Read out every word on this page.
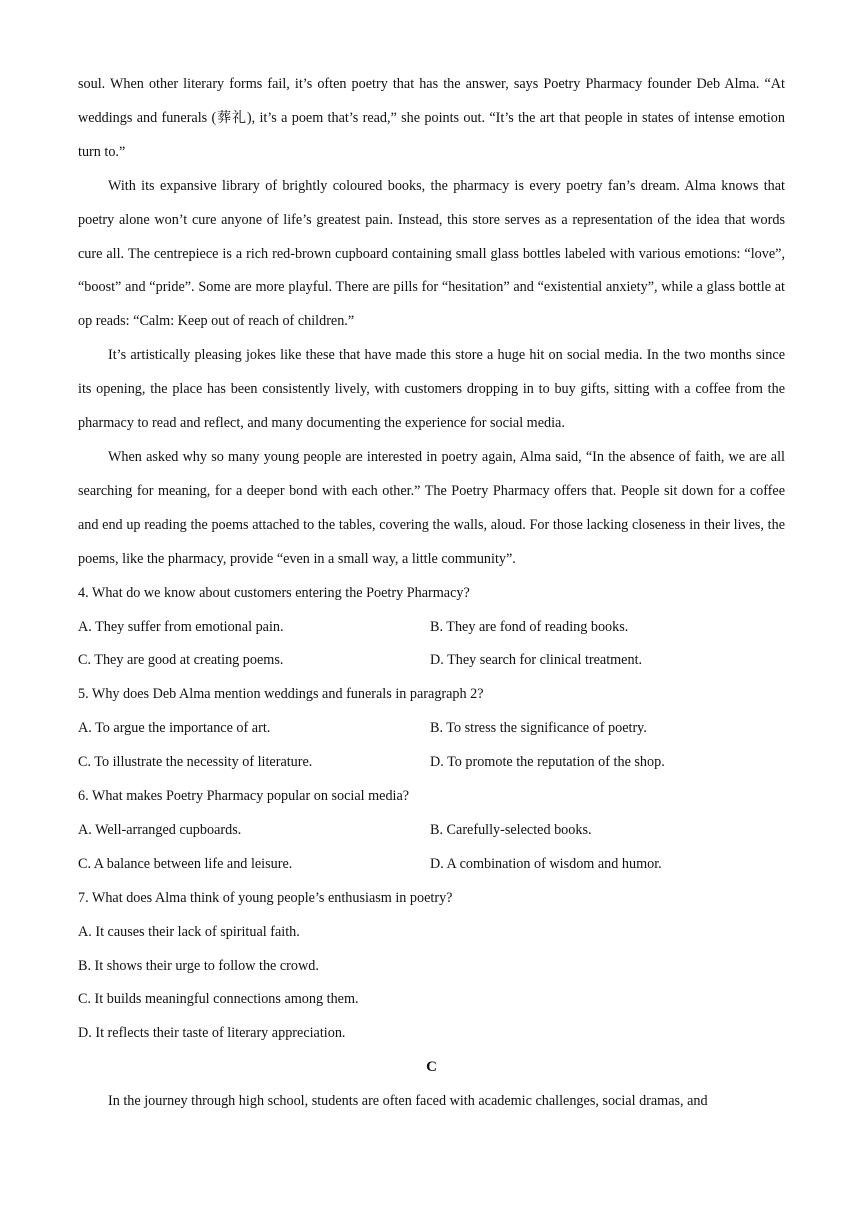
soul. When other literary forms fail, it’s often poetry that has the answer, says Poetry Pharmacy founder Deb Alma. “At weddings and funerals (葬礼), it’s a poem that’s read,” she points out. “It’s the art that people in states of intense emotion turn to.”

With its expansive library of brightly coloured books, the pharmacy is every poetry fan’s dream. Alma knows that poetry alone won’t cure anyone of life’s greatest pain. Instead, this store serves as a representation of the idea that words cure all. The centrepiece is a rich red-brown cupboard containing small glass bottles labeled with various emotions: “love”, “boost” and “pride”. Some are more playful. There are pills for “hesitation” and “existential anxiety”, while a glass bottle at op reads: “Calm: Keep out of reach of children.”

It’s artistically pleasing jokes like these that have made this store a huge hit on social media. In the two months since its opening, the place has been consistently lively, with customers dropping in to buy gifts, sitting with a coffee from the pharmacy to read and reflect, and many documenting the experience for social media.

When asked why so many young people are interested in poetry again, Alma said, “In the absence of faith, we are all searching for meaning, for a deeper bond with each other.” The Poetry Pharmacy offers that. People sit down for a coffee and end up reading the poems attached to the tables, covering the walls, aloud. For those lacking closeness in their lives, the poems, like the pharmacy, provide “even in a small way, a little community”.

4. What do we know about customers entering the Poetry Pharmacy?

A. They suffer from emotional pain.	B. They are fond of reading books.
C. They are good at creating poems.	D. They search for clinical treatment.

5. Why does Deb Alma mention weddings and funerals in paragraph 2?

A. To argue the importance of art.	B. To stress the significance of poetry.
C. To illustrate the necessity of literature.	D. To promote the reputation of the shop.

6. What makes Poetry Pharmacy popular on social media?

A. Well-arranged cupboards.	B. Carefully-selected books.
C. A balance between life and leisure.	D. A combination of wisdom and humor.

7. What does Alma think of young people’s enthusiasm in poetry?

A. It causes their lack of spiritual faith.

B. It shows their urge to follow the crowd.

C. It builds meaningful connections among them.

D. It reflects their taste of literary appreciation.

C

In the journey through high school, students are often faced with academic challenges, social dramas, and
